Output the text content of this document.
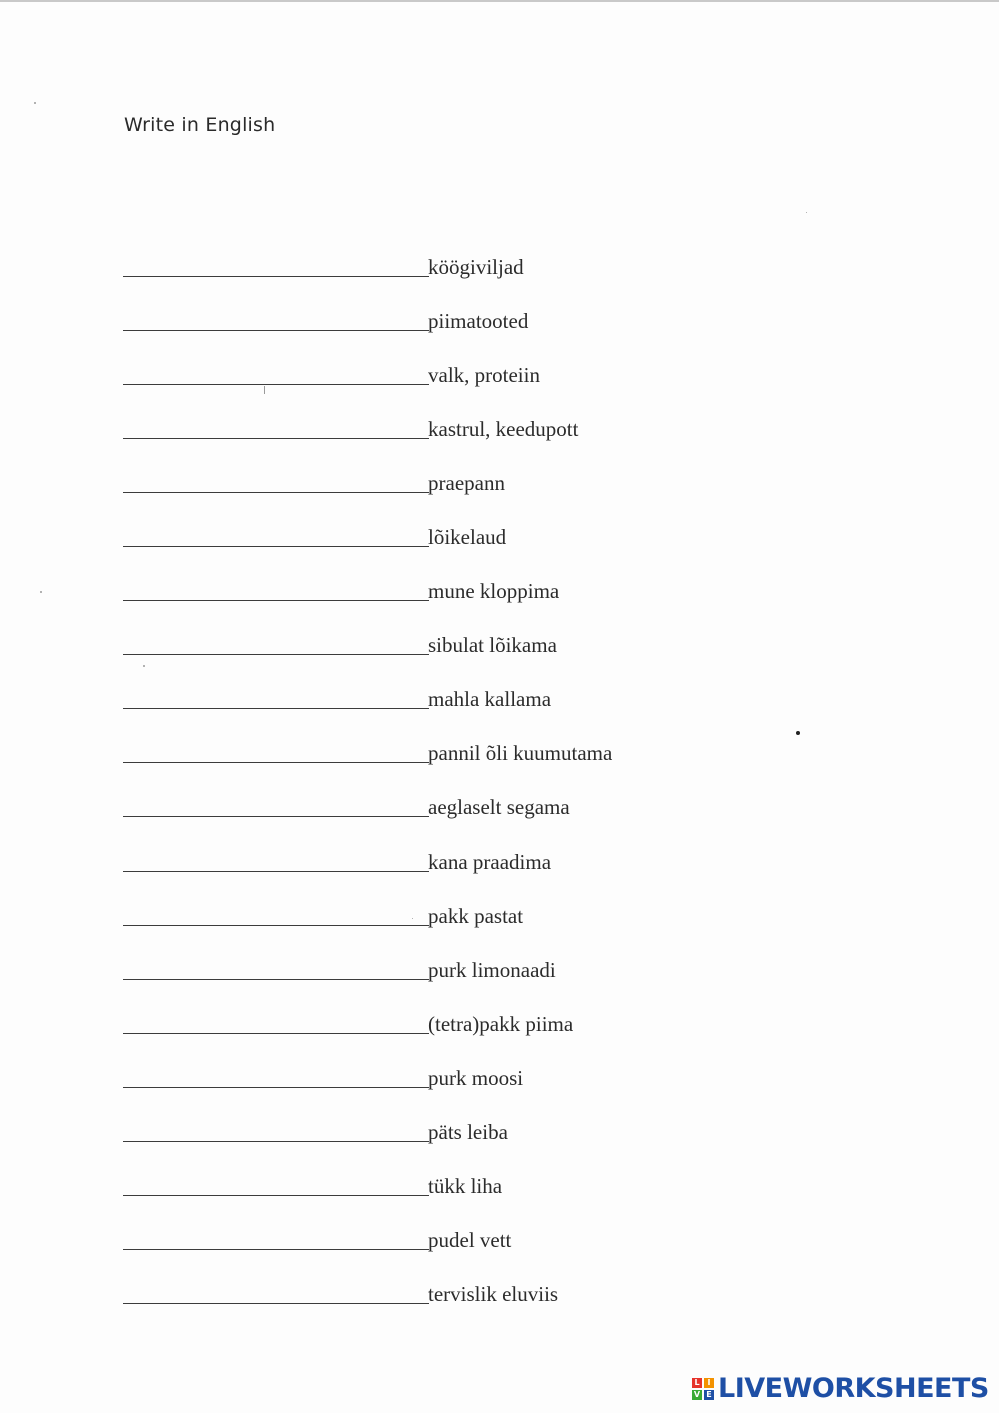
Write in English
köögiviljad
piimatooted
valk, proteiin
kastrul, keedupott
praepann
lõikelaud
mune kloppima
sibulat lõikama
mahla kallama
pannil õli kuumutama
aeglaselt segama
kana praadima
pakk pastat
purk limonaadi
(tetra)pakk piima
purk moosi
päts leiba
tükk liha
pudel vett
tervislik eluviis
L I
V E LIVEWORKSHEETS
